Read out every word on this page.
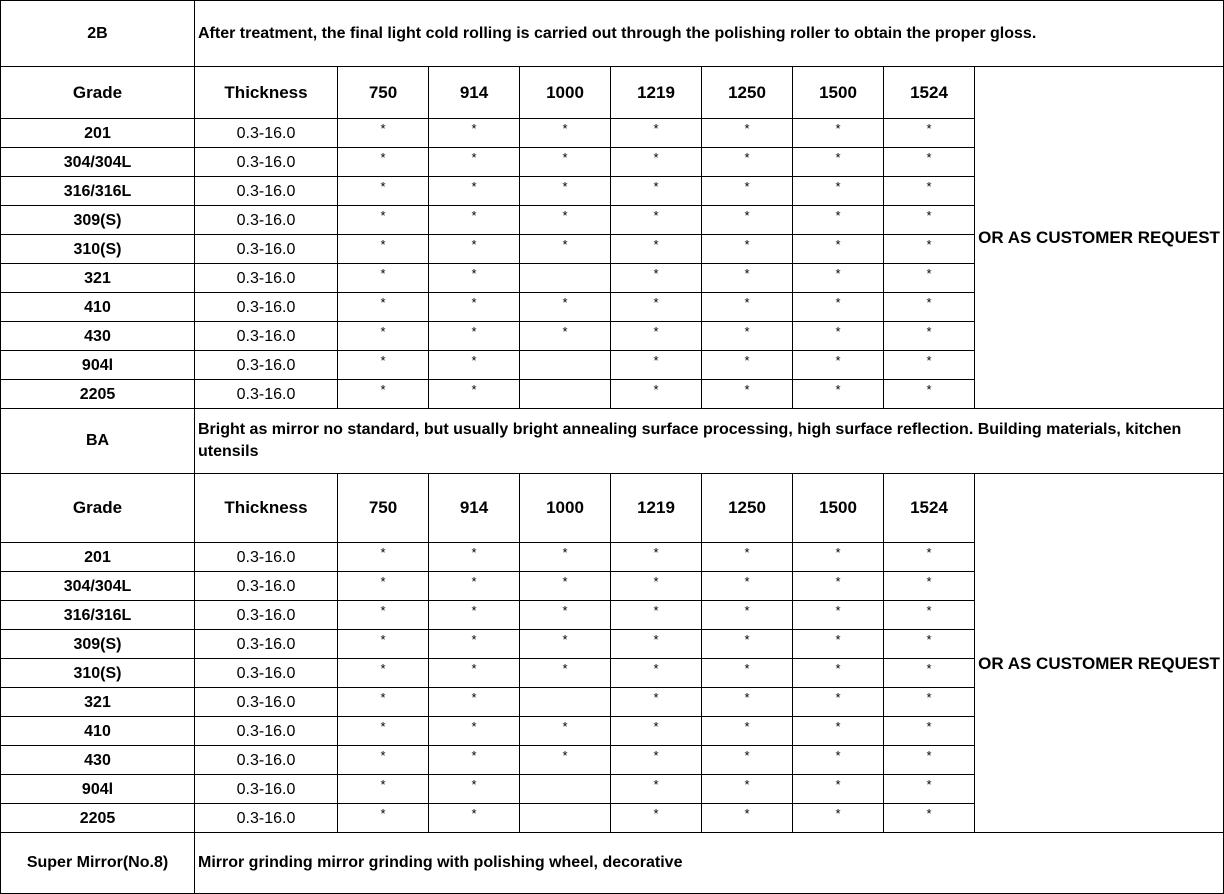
2B	After treatment, the final light cold rolling is carried out through the polishing roller to obtain the proper gloss.								
Grade	Thickness	750	914	1000	1219	1250	1500	1524	OR AS CUSTOMER REQUEST
201	0.3-16.0	*	*	*	*	*	*	*	
304/304L	0.3-16.0	*	*	*	*	*	*	*	
316/316L	0.3-16.0	*	*	*	*	*	*	*	
309(S)	0.3-16.0	*	*	*	*	*	*	*	
310(S)	0.3-16.0	*	*	*	*	*	*	*	
321	0.3-16.0	*	*		*	*	*	*	
410	0.3-16.0	*	*	*	*	*	*	*	
430	0.3-16.0	*	*	*	*	*	*	*	
904l	0.3-16.0	*	*		*	*	*	*	
2205	0.3-16.0	*	*		*	*	*	*	
BA	Bright as mirror no standard, but usually bright annealing surface processing, high surface reflection. Building materials, kitchen utensils								
Grade	Thickness	750	914	1000	1219	1250	1500	1524	OR AS CUSTOMER REQUEST
201	0.3-16.0	*	*	*	*	*	*	*	
304/304L	0.3-16.0	*	*	*	*	*	*	*	
316/316L	0.3-16.0	*	*	*	*	*	*	*	
309(S)	0.3-16.0	*	*	*	*	*	*	*	
310(S)	0.3-16.0	*	*	*	*	*	*	*	
321	0.3-16.0	*	*		*	*	*	*	
410	0.3-16.0	*	*	*	*	*	*	*	
430	0.3-16.0	*	*	*	*	*	*	*	
904l	0.3-16.0	*	*		*	*	*	*	
2205	0.3-16.0	*	*		*	*	*	*	
Super Mirror(No.8)	Mirror grinding mirror grinding with polishing wheel, decorative								
